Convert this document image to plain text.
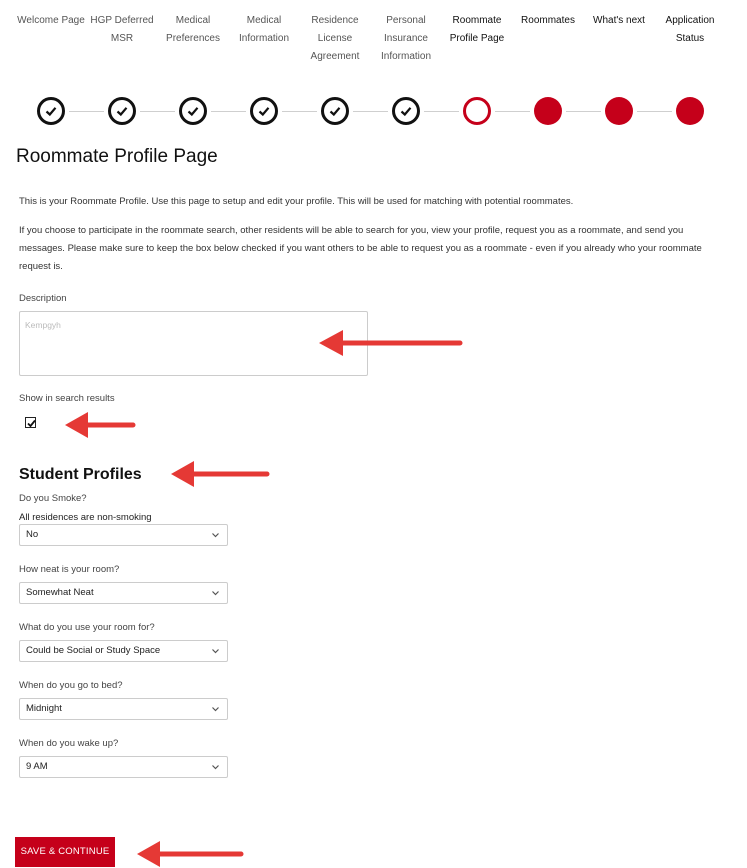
Welcome Page HGP Deferred MSR
Medical Preferences
Medical Information
Residence License Agreement
Personal Insurance Information
Roommate Profile Page
Roommates	What's next	Application Status
Roommate Profile Page

This is your Roommate Profile. Use this page to setup and edit your profile. This will be used for matching with potential roommates.

If you choose to participate in the roommate search, other residents will be able to search for you, view your profile, request you as a roommate, and send you messages. Please make sure to keep the box below checked if you want others to be able to request you as a roommate - even if you already who your roommate request is.

Description
Kempgyh
Show in search results
Student Profiles
Do you Smoke?
All residences are non-smoking
No
How neat is your room?
Somewhat Neat
What do you use your room for?
Could be Social or Study Space
When do you go to bed?
Midnight
When do you wake up?
9 AM
SAVE & CONTINUE
